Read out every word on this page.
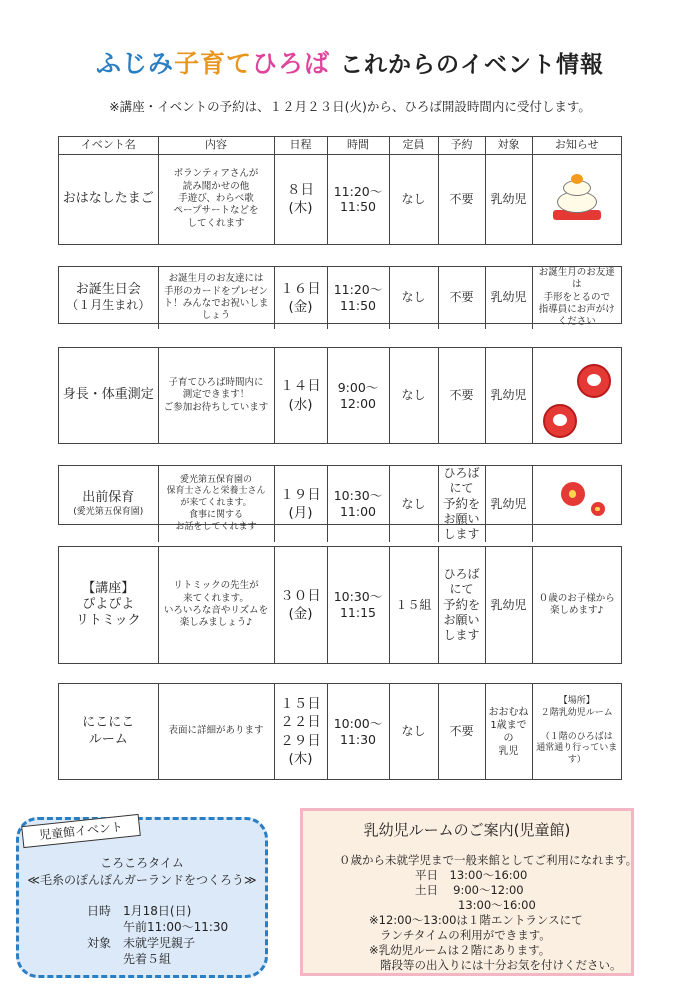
ふじみ子育てひろば これからのイベント情報
※講座・イベントの予約は、１２月２３日(火)から、ひろば開設時間内に受付します。
イベント名	内容	日程	時間	定員	予約	対象	お知らせ
おはなしたまご	ボランティアさんが
読み聞かせの他
手遊び、わらべ歌
ペープサートなどを
してくれます	８日
(木)	11:20～
11:50	なし	不要	乳幼児	
お誕生日会
（１月生まれ）
	お誕生月のお友達には
手形のカードをプレゼン
ト！みんなでお祝いしま
しょう	１６日
(金)	11:20～
11:50	なし	不要	乳幼児	お誕生月のお友達は
手形をとるので
指導員にお声がけ
ください
身長・体重測定	子育てひろば時間内に
測定できます！
ご参加お待ちしています	１４日
(水)	9:00～
12:00	なし	不要	乳幼児	
出前保育
(愛光第五保育園)
	愛光第五保育園の
保育士さんと栄養士さん
が来てくれます。
食事に関する
お話をしてくれます	１９日
(月)	10:30～
11:00	なし	ひろばにて
予約を
お願い
します	乳幼児	
【講座】
ぴよぴよ
リトミック	リトミックの先生が
来てくれます。
いろいろな音やリズムを
楽しみましょう♪	３０日
(金)	10:30～
11:15	１５組	ひろばにて
予約を
お願い
します	乳幼児	０歳のお子様から
楽しめます♪
にこにこ
ルーム	表面に詳細があります	１５日
２２日
２９日
(木)	10:00～
11:30	なし	不要	おおむね
1歳までの
乳児	【場所】
２階乳幼児ルーム

（１階のひろばは
通常通り行っています）
ころころタイム
≪毛糸のぽんぽんガーランドをつくろう≫
日時　1月18日(日)
　　　午前11:00～11:30
対象　未就学児親子
　　　先着５組
児童館イベント	乳幼児ルームのご案内(児童館)
０歳から未就学児まで一般来館としてご利用になれます。
平日　13:00～16:00
土日　 9:00～12:00
13:00～16:00
※12:00～13:00は１階エントランスにて
ランチタイムの利用ができます。
※乳幼児ルームは２階にあります。
階段等の出入りには十分お気を付けください。
